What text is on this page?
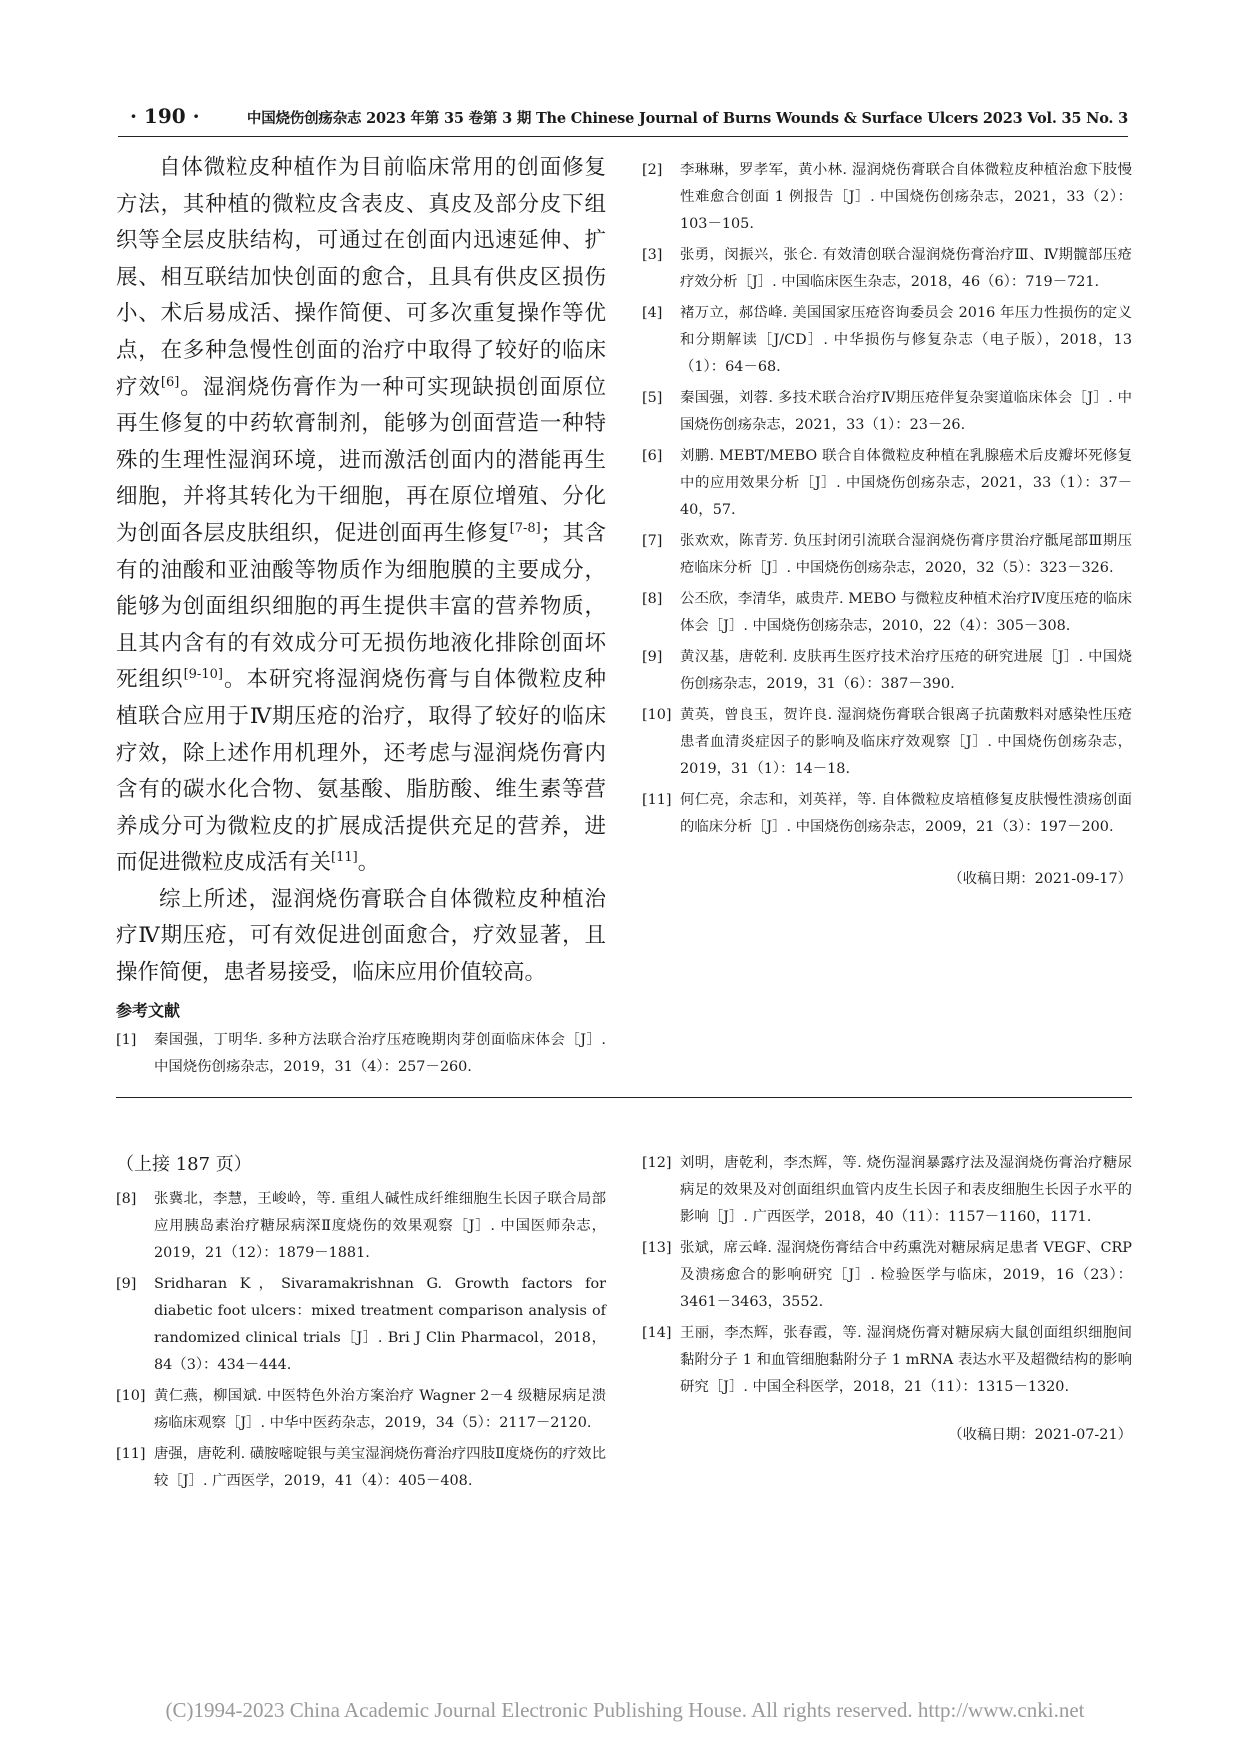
· 190 ·	中国烧伤创疡杂志 2023 年第 35 卷第 3 期 The Chinese Journal of Burns Wounds & Surface Ulcers 2023 Vol. 35 No. 3

自体微粒皮种植作为目前临床常用的创面修复方法，其种植的微粒皮含表皮、真皮及部分皮下组织等全层皮肤结构，可通过在创面内迅速延伸、扩展、相互联结加快创面的愈合，且具有供皮区损伤小、术后易成活、操作简便、可多次重复操作等优点，在多种急慢性创面的治疗中取得了较好的临床疗效[6]。湿润烧伤膏作为一种可实现缺损创面原位再生修复的中药软膏制剂，能够为创面营造一种特殊的生理性湿润环境，进而激活创面内的潜能再生细胞，并将其转化为干细胞，再在原位增殖、分化为创面各层皮肤组织，促进创面再生修复[7-8]；其含有的油酸和亚油酸等物质作为细胞膜的主要成分，能够为创面组织细胞的再生提供丰富的营养物质，且其内含有的有效成分可无损伤地液化排除创面坏死组织[9-10]。本研究将湿润烧伤膏与自体微粒皮种植联合应用于Ⅳ期压疮的治疗，取得了较好的临床疗效，除上述作用机理外，还考虑与湿润烧伤膏内含有的碳水化合物、氨基酸、脂肪酸、维生素等营养成分可为微粒皮的扩展成活提供充足的营养，进而促进微粒皮成活有关[11]。

综上所述，湿润烧伤膏联合自体微粒皮种植治疗Ⅳ期压疮，可有效促进创面愈合，疗效显著，且操作简便，患者易接受，临床应用价值较高。

参考文献
[1]	秦国强，丁明华. 多种方法联合治疗压疮晚期肉芽创面临床体会［J］. 中国烧伤创疡杂志，2019，31（4）：257－260.
[2]	李琳琳，罗孝军，黄小林. 湿润烧伤膏联合自体微粒皮种植治愈下肢慢性难愈合创面 1 例报告［J］. 中国烧伤创疡杂志，2021，33（2）：103－105.
[3]	张勇，闵振兴，张仑. 有效清创联合湿润烧伤膏治疗Ⅲ、Ⅳ期髋部压疮疗效分析［J］. 中国临床医生杂志，2018，46（6）：719－721.
[4]	褚万立，郝岱峰. 美国国家压疮咨询委员会 2016 年压力性损伤的定义和分期解读［J/CD］. 中华损伤与修复杂志（电子版），2018，13（1）：64－68.
[5]	秦国强，刘蓉. 多技术联合治疗Ⅳ期压疮伴复杂窦道临床体会［J］. 中国烧伤创疡杂志，2021，33（1）：23－26.
[6]	刘鹏. MEBT/MEBO 联合自体微粒皮种植在乳腺癌术后皮瓣坏死修复中的应用效果分析［J］. 中国烧伤创疡杂志，2021，33（1）：37－40，57.
[7]	张欢欢，陈青芳. 负压封闭引流联合湿润烧伤膏序贯治疗骶尾部Ⅲ期压疮临床分析［J］. 中国烧伤创疡杂志，2020，32（5）：323－326.
[8]	公丕欣，李清华，戚贵芹. MEBO 与微粒皮种植术治疗Ⅳ度压疮的临床体会［J］. 中国烧伤创疡杂志，2010，22（4）：305－308.
[9]	黄汉基，唐乾利. 皮肤再生医疗技术治疗压疮的研究进展［J］. 中国烧伤创疡杂志，2019，31（6）：387－390.
[10] 黄英，曾良玉，贺许良. 湿润烧伤膏联合银离子抗菌敷料对感染性压疮患者血清炎症因子的影响及临床疗效观察［J］. 中国烧伤创疡杂志，2019，31（1）：14－18.
[11] 何仁亮，余志和，刘英祥，等. 自体微粒皮培植修复皮肤慢性溃疡创面的临床分析［J］. 中国烧伤创疡杂志，2009，21（3）：197－200.
（收稿日期：2021-09-17）
（上接 187 页）
[8]	张冀北，李慧，王峻岭，等. 重组人碱性成纤维细胞生长因子联合局部应用胰岛素治疗糖尿病深Ⅱ度烧伤的效果观察［J］. 中国医师杂志，2019，21（12）：1879－1881.
[9]	Sridharan K，Sivaramakrishnan G. Growth factors for diabetic foot ulcers：mixed treatment comparison analysis of randomized clinical trials［J］. Bri J Clin Pharmacol，2018，84（3）：434－444.
[10] 黄仁燕，柳国斌. 中医特色外治方案治疗 Wagner 2－4 级糖尿病足溃疡临床观察［J］. 中华中医药杂志，2019，34（5）：2117－2120.
[11] 唐强，唐乾利. 磺胺嘧啶银与美宝湿润烧伤膏治疗四肢Ⅱ度烧伤的疗效比较［J］. 广西医学，2019，41（4）：405－408.
[12] 刘明，唐乾利，李杰辉，等. 烧伤湿润暴露疗法及湿润烧伤膏治疗糖尿病足的效果及对创面组织血管内皮生长因子和表皮细胞生长因子水平的影响［J］. 广西医学，2018，40（11）：1157－1160，1171.
[13] 张斌，席云峰. 湿润烧伤膏结合中药熏洗对糖尿病足患者 VEGF、CRP 及溃疡愈合的影响研究［J］. 检验医学与临床，2019，16（23）：3461－3463，3552.
[14] 王丽，李杰辉，张春霞，等. 湿润烧伤膏对糖尿病大鼠创面组织细胞间黏附分子 1 和血管细胞黏附分子 1 mRNA 表达水平及超微结构的影响研究［J］. 中国全科医学，2018，21（11）：1315－1320.
（收稿日期：2021-07-21）
(C)1994-2023 China Academic Journal Electronic Publishing House. All rights reserved. http://www.cnki.net
